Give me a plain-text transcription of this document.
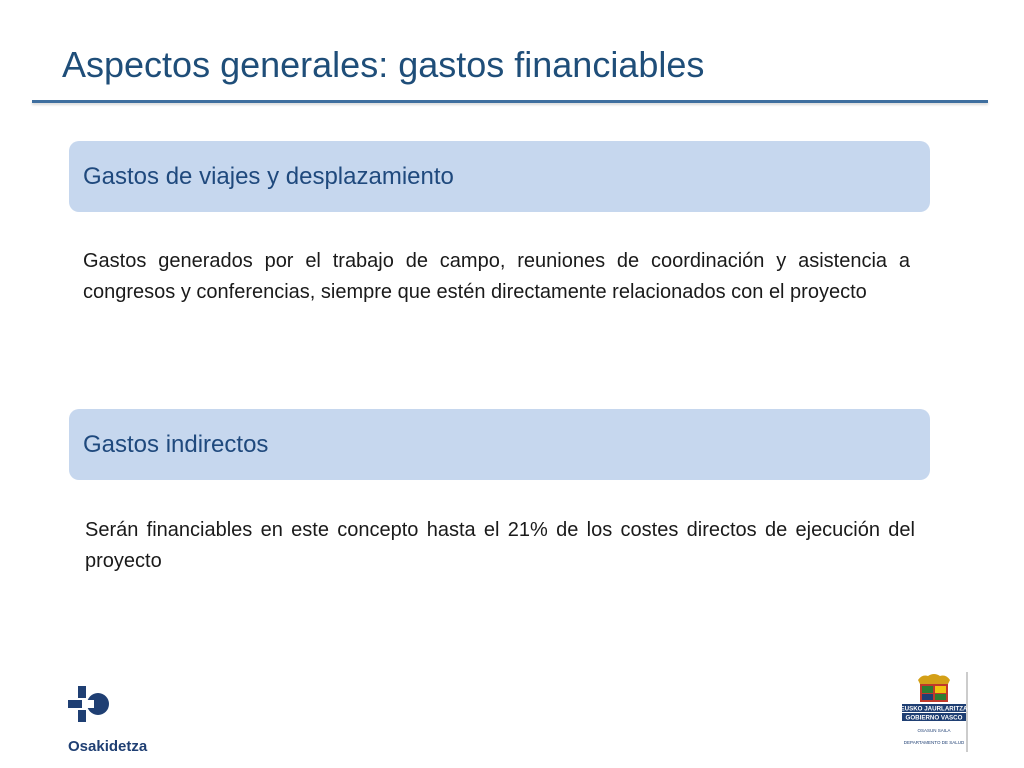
Aspectos generales: gastos financiables
Gastos de viajes y desplazamiento

Gastos generados por el trabajo de campo, reuniones de coordinación y asistencia a congresos y conferencias, siempre que estén directamente relacionados con el proyecto

Gastos indirectos

Serán financiables en este concepto hasta el 21% de los costes directos de ejecución del proyecto

Osakidetza
EUSKO JAURLARITZA
GOBIERNO VASCO
OSASUN SAILA
DEPARTAMENTO DE SALUD
